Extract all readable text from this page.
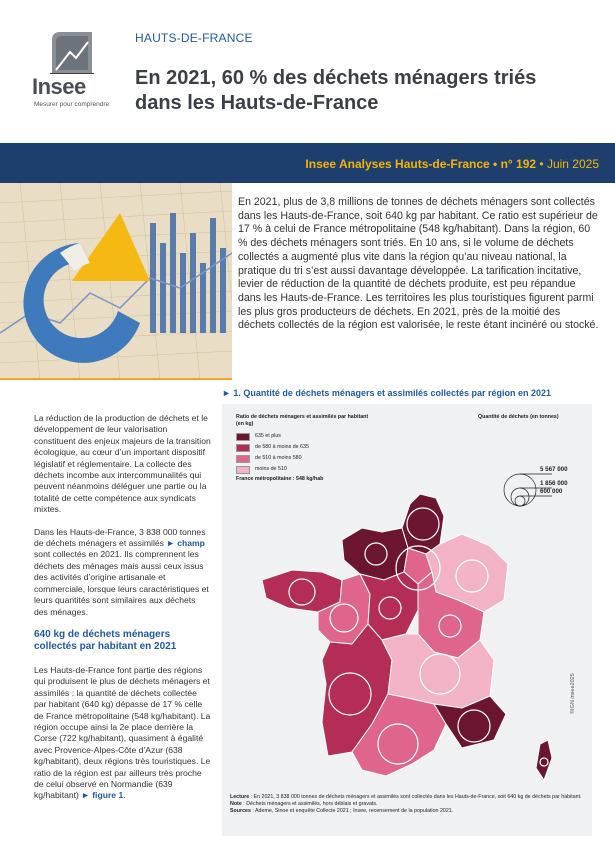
Insee
Mesurer pour comprendre
HAUTS-DE-FRANCE
En 2021, 60 % des déchets ménagers triés
dans les Hauts-de-France
Insee Analyses Hauts-de-France • n° 192 • Juin 2025

En 2021, plus de 3,8 millions de tonnes de déchets ménagers sont collectés dans les Hauts-de-France, soit 640 kg par habitant. Ce ratio est supérieur de 17 % à celui de France métropolitaine (548 kg/habitant). Dans la région, 60 % des déchets ménagers sont triés. En 10 ans, si le volume de déchets collectés a augmenté plus vite dans la région qu’au niveau national, la pratique du tri s’est aussi davantage développée. La tarification incitative, levier de réduction de la quantité de déchets produite, est peu répandue dans les Hauts-de-France. Les territoires les plus touristiques figurent parmi les plus gros producteurs de déchets. En 2021, près de la moitié des déchets collectés de la région est valorisée, le reste étant incinéré ou stocké.

La réduction de la production de déchets et le développement de leur valorisation constituent des enjeux majeurs de la transition écologique, au cœur d’un important dispositif législatif et réglementaire. La collecte des déchets incombe aux intercommunalités qui peuvent néanmoins déléguer une partie ou la totalité de cette compétence aux syndicats mixtes.

Dans les Hauts-de-France, 3 838 000 tonnes de déchets ménagers et assimilés ► champ sont collectés en 2021. Ils comprennent les déchets des ménages mais aussi ceux issus des activités d’origine artisanale et commerciale, lorsque leurs caractéristiques et leurs quantités sont similaires aux déchets des ménages.

640 kg de déchets ménagers collectés par habitant en 2021

Les Hauts-de-France font partie des régions qui produisent le plus de déchets ménagers et assimilés : la quantité de déchets collectée par habitant (640 kg) dépasse de 17 % celle de France métropolitaine (548 kg/habitant). La région occupe ainsi la 2e place derrière la Corse (722 kg/habitant), quasiment à égalité avec Provence-Alpes-Côte d’Azur (638 kg/habitant), deux régions très touristiques. Le ratio de la région est par ailleurs très proche de celui observé en Normandie (639 kg/habitant) ► figure 1.

► 1. Quantité de déchets ménagers et assimilés collectés par région en 2021
Ratio de déchets ménagers et assimilés par habitant (en kg)
635 et plus
de 580 à moins de 635
de 510 à moins 580
moins de 510
France métropolitaine : 548 kg/hab
Quantité de déchets (en tonnes)
5 567 000
1 856 000
600 000
©IGN insee2025
Lecture : En 2021, 3 838 000 tonnes de déchets ménagers et assimilés sont collectés dans les Hauts-de-France, soit 640 kg de déchets par habitant.
Note : Déchets ménagers et assimilés, hors déblais et gravats.
Sources : Ademe, Sinoe et enquête Collecte 2021 ; Insee, recensement de la population 2021.
